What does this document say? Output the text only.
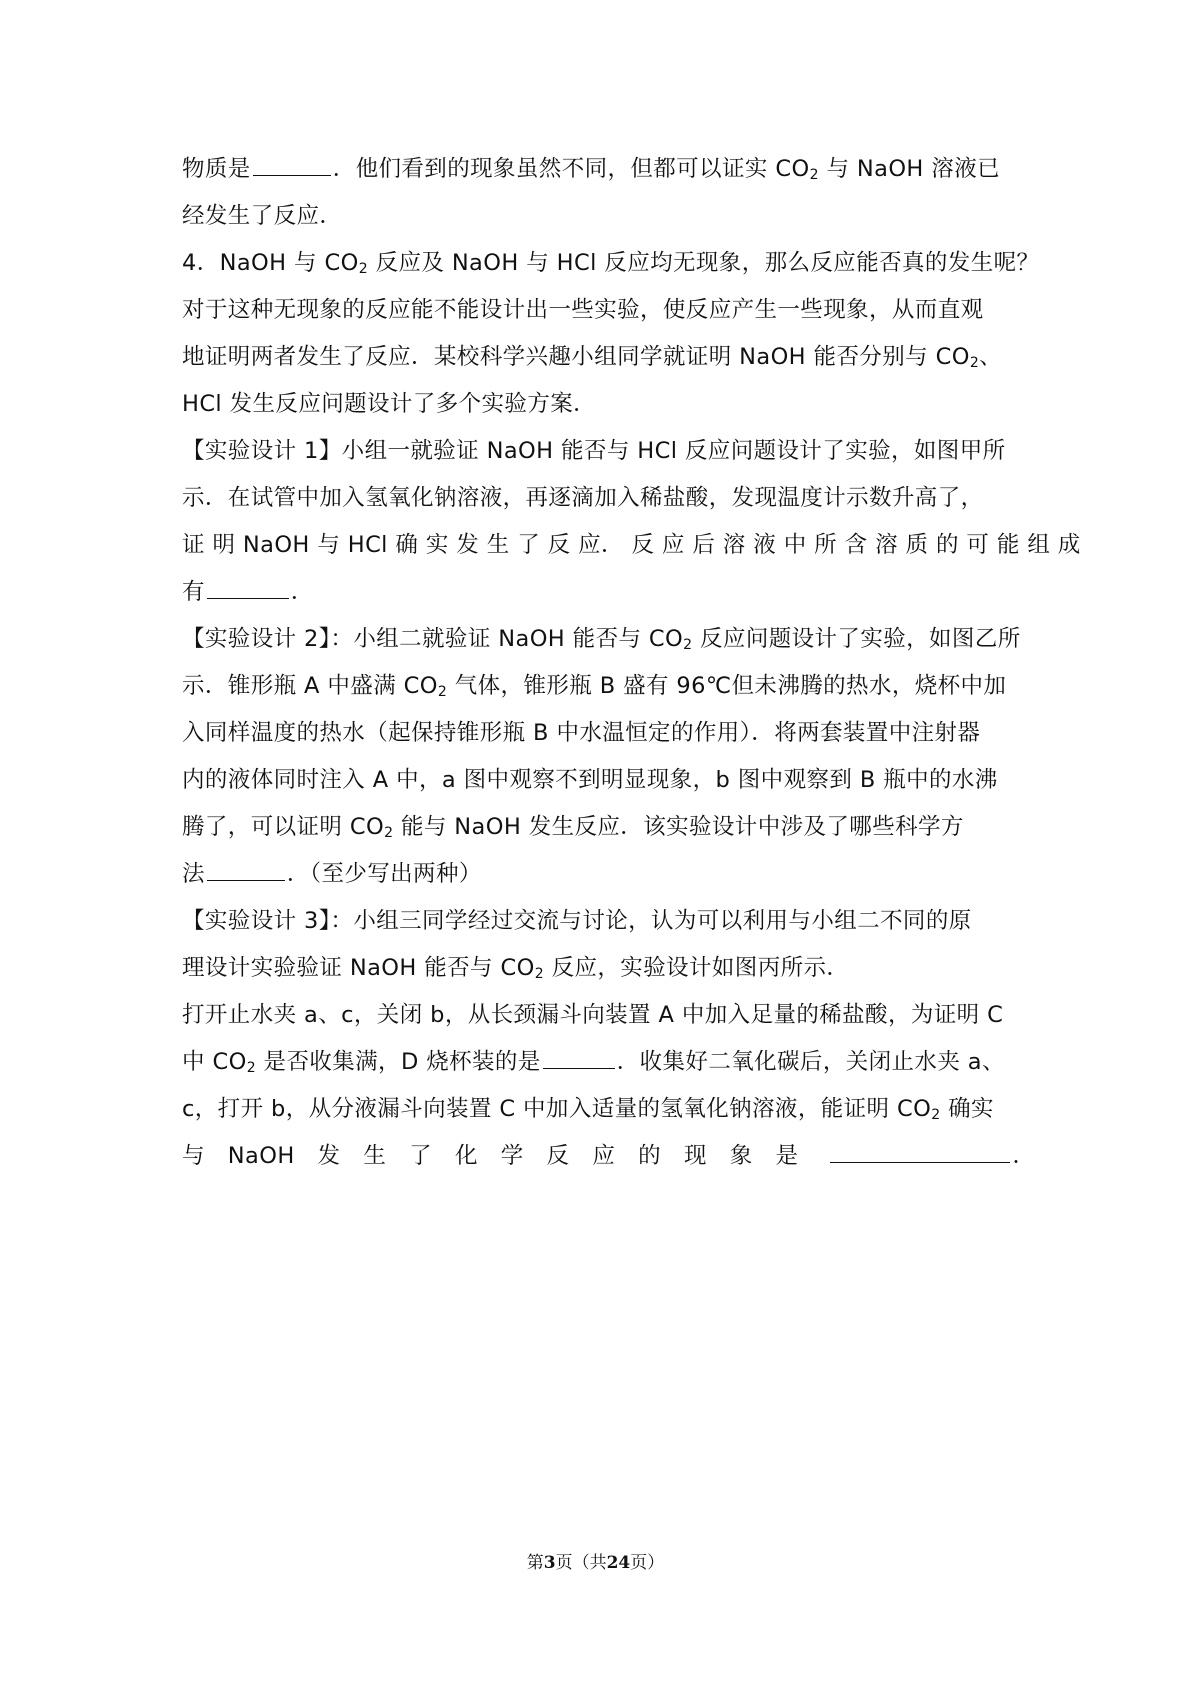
物质是	．他们看到的现象虽然不同，但都可以证实 $CO_2$ 与 NaOH 溶液已
经发生了反应．
4．NaOH 与 $CO_2$ 反应及 NaOH 与 HCl 反应均无现象，那么反应能否真的发生呢？
对于这种无现象的反应能不能设计出一些实验，使反应产生一些现象，从而直观
地证明两者发生了反应．某校科学兴趣小组同学就证明 NaOH 能否分别与 $CO_2$、
HCl 发生反应问题设计了多个实验方案．
【实验设计 1】小组一就验证 NaOH 能否与 HCl 反应问题设计了实验，如图甲所
示．在试管中加入氢氧化钠溶液，再逐滴加入稀盐酸，发现温度计示数升高了，
证 明 NaOH 与 HCl 确 实 发 生 了 反 应． 反 应 后 溶 液 中 所 含 溶 质 的 可 能 组 成
有	．
【实验设计 2】：小组二就验证 NaOH 能否与 $CO_2$ 反应问题设计了实验，如图乙所
示．锥形瓶 A 中盛满 $CO_2$ 气体，锥形瓶 B 盛有 96℃但未沸腾的热水，烧杯中加
入同样温度的热水（起保持锥形瓶 B 中水温恒定的作用）．将两套装置中注射器
内的液体同时注入 A 中，a 图中观察不到明显现象，b 图中观察到 B 瓶中的水沸
腾了，可以证明 $CO_2$ 能与 NaOH 发生反应．该实验设计中涉及了哪些科学方
法	．（至少写出两种）
【实验设计 3】：小组三同学经过交流与讨论，认为可以利用与小组二不同的原
理设计实验验证 NaOH 能否与 $CO_2$ 反应，实验设计如图丙所示．
打开止水夹 a、c，关闭 b，从长颈漏斗向装置 A 中加入足量的稀盐酸，为证明 C
中 $CO_2$ 是否收集满，D 烧杯装的是	．收集好二氧化碳后，关闭止水夹 a、
c，打开 b，从分液漏斗向装置 C 中加入适量的氢氧化钠溶液，能证明 $CO_2$ 确实
与　NaOH　发　生　了　化　学　反　应　的　现　象　是	．
第3页（共24页）
